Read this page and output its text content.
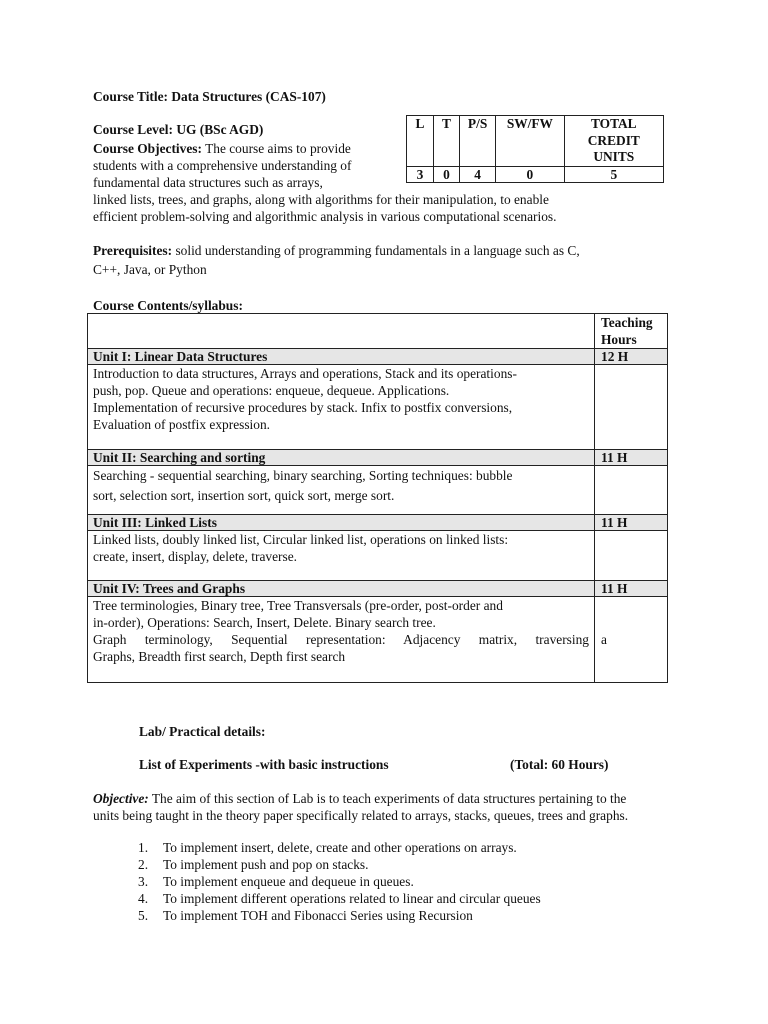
Course Title: Data Structures (CAS-107)
Course Level: UG (BSc AGD)
Course Objectives: The course aims to provide
students with a comprehensive understanding of
fundamental data structures such as arrays,
linked lists, trees, and graphs, along with algorithms for their manipulation, to enable
efficient problem-solving and algorithmic analysis in various computational scenarios.
L	T	P/S	SW/FW	TOTAL CREDIT UNITS
3	0	4	0	5
Prerequisites: solid understanding of programming fundamentals in a language such as C,
C++, Java, or Python
Course Contents/syllabus:
	Teaching Hours
Unit I: Linear Data Structures	12 H

Introduction to data structures, Arrays and operations, Stack and its operations-
push, pop. Queue and operations: enqueue, dequeue. Applications.
Implementation of recursive procedures by stack. Infix to postfix conversions,
Evaluation of postfix expression.	

Unit II: Searching and sorting	11 H

Searching - sequential searching, binary searching, Sorting techniques: bubble
sort, selection sort, insertion sort, quick sort, merge sort.	

Unit III: Linked Lists	11 H

Linked lists, doubly linked list, Circular linked list, operations on linked lists:
create, insert, display, delete, traverse.	

Unit IV: Trees and Graphs	11 H

Tree terminologies, Binary tree, Tree Transversals (pre-order, post-order and
in-order), Operations: Search, Insert, Delete. Binary search tree.
Graph terminology, Sequential representation: Adjacency matrix, traversing
Graphs, Breadth first search, Depth first search	a
Lab/ Practical details:
List of Experiments -with basic instructions	(Total: 60 Hours)
Objective: The aim of this section of Lab is to teach experiments of data structures pertaining to the
units being taught in the theory paper specifically related to arrays, stacks, queues, trees and graphs.
1. To implement insert, delete, create and other operations on arrays.
2. To implement push and pop on stacks.
3. To implement enqueue and dequeue in queues.
4. To implement different operations related to linear and circular queues
5. To implement TOH and Fibonacci Series using Recursion
